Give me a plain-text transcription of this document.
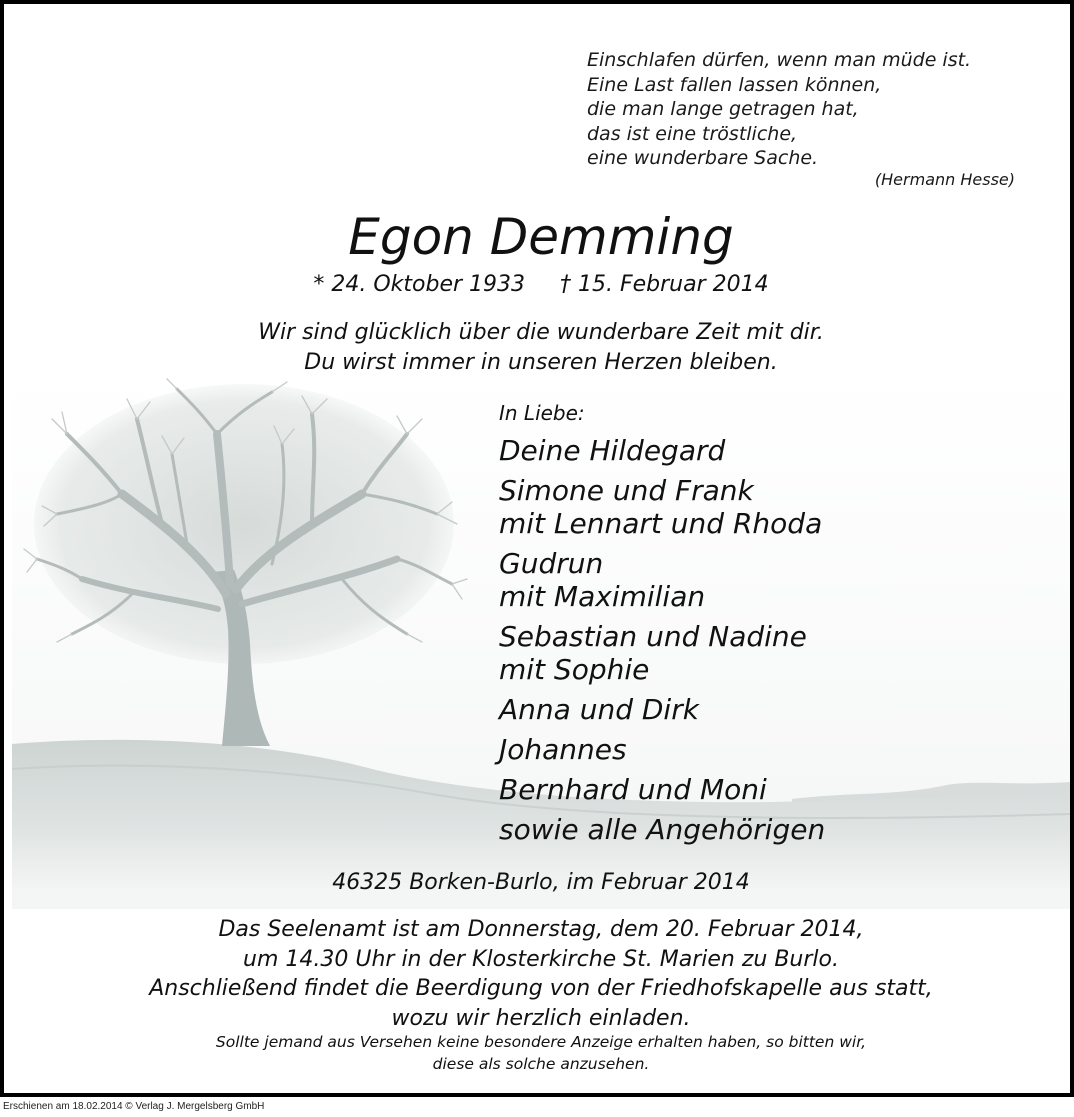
Einschlafen dürfen, wenn man müde ist.
Eine Last fallen lassen können,
die man lange getragen hat,
das ist eine tröstliche,
eine wunderbare Sache.
(Hermann Hesse)
Egon Demming
* 24. Oktober 1933     † 15. Februar 2014
Wir sind glücklich über die wunderbare Zeit mit dir.
Du wirst immer in unseren Herzen bleiben.
In Liebe:
Deine Hildegard
Simone und Frank
mit Lennart und Rhoda
Gudrun
mit Maximilian
Sebastian und Nadine
mit Sophie
Anna und Dirk
Johannes
Bernhard und Moni
sowie alle Angehörigen
46325 Borken-Burlo, im Februar 2014
Das Seelenamt ist am Donnerstag, dem 20. Februar 2014,
um 14.30 Uhr in der Klosterkirche St. Marien zu Burlo.
Anschließend findet die Beerdigung von der Friedhofskapelle aus statt,
wozu wir herzlich einladen.
Sollte jemand aus Versehen keine besondere Anzeige erhalten haben, so bitten wir,
diese als solche anzusehen.
Erschienen am 18.02.2014 © Verlag J. Mergelsberg GmbH
